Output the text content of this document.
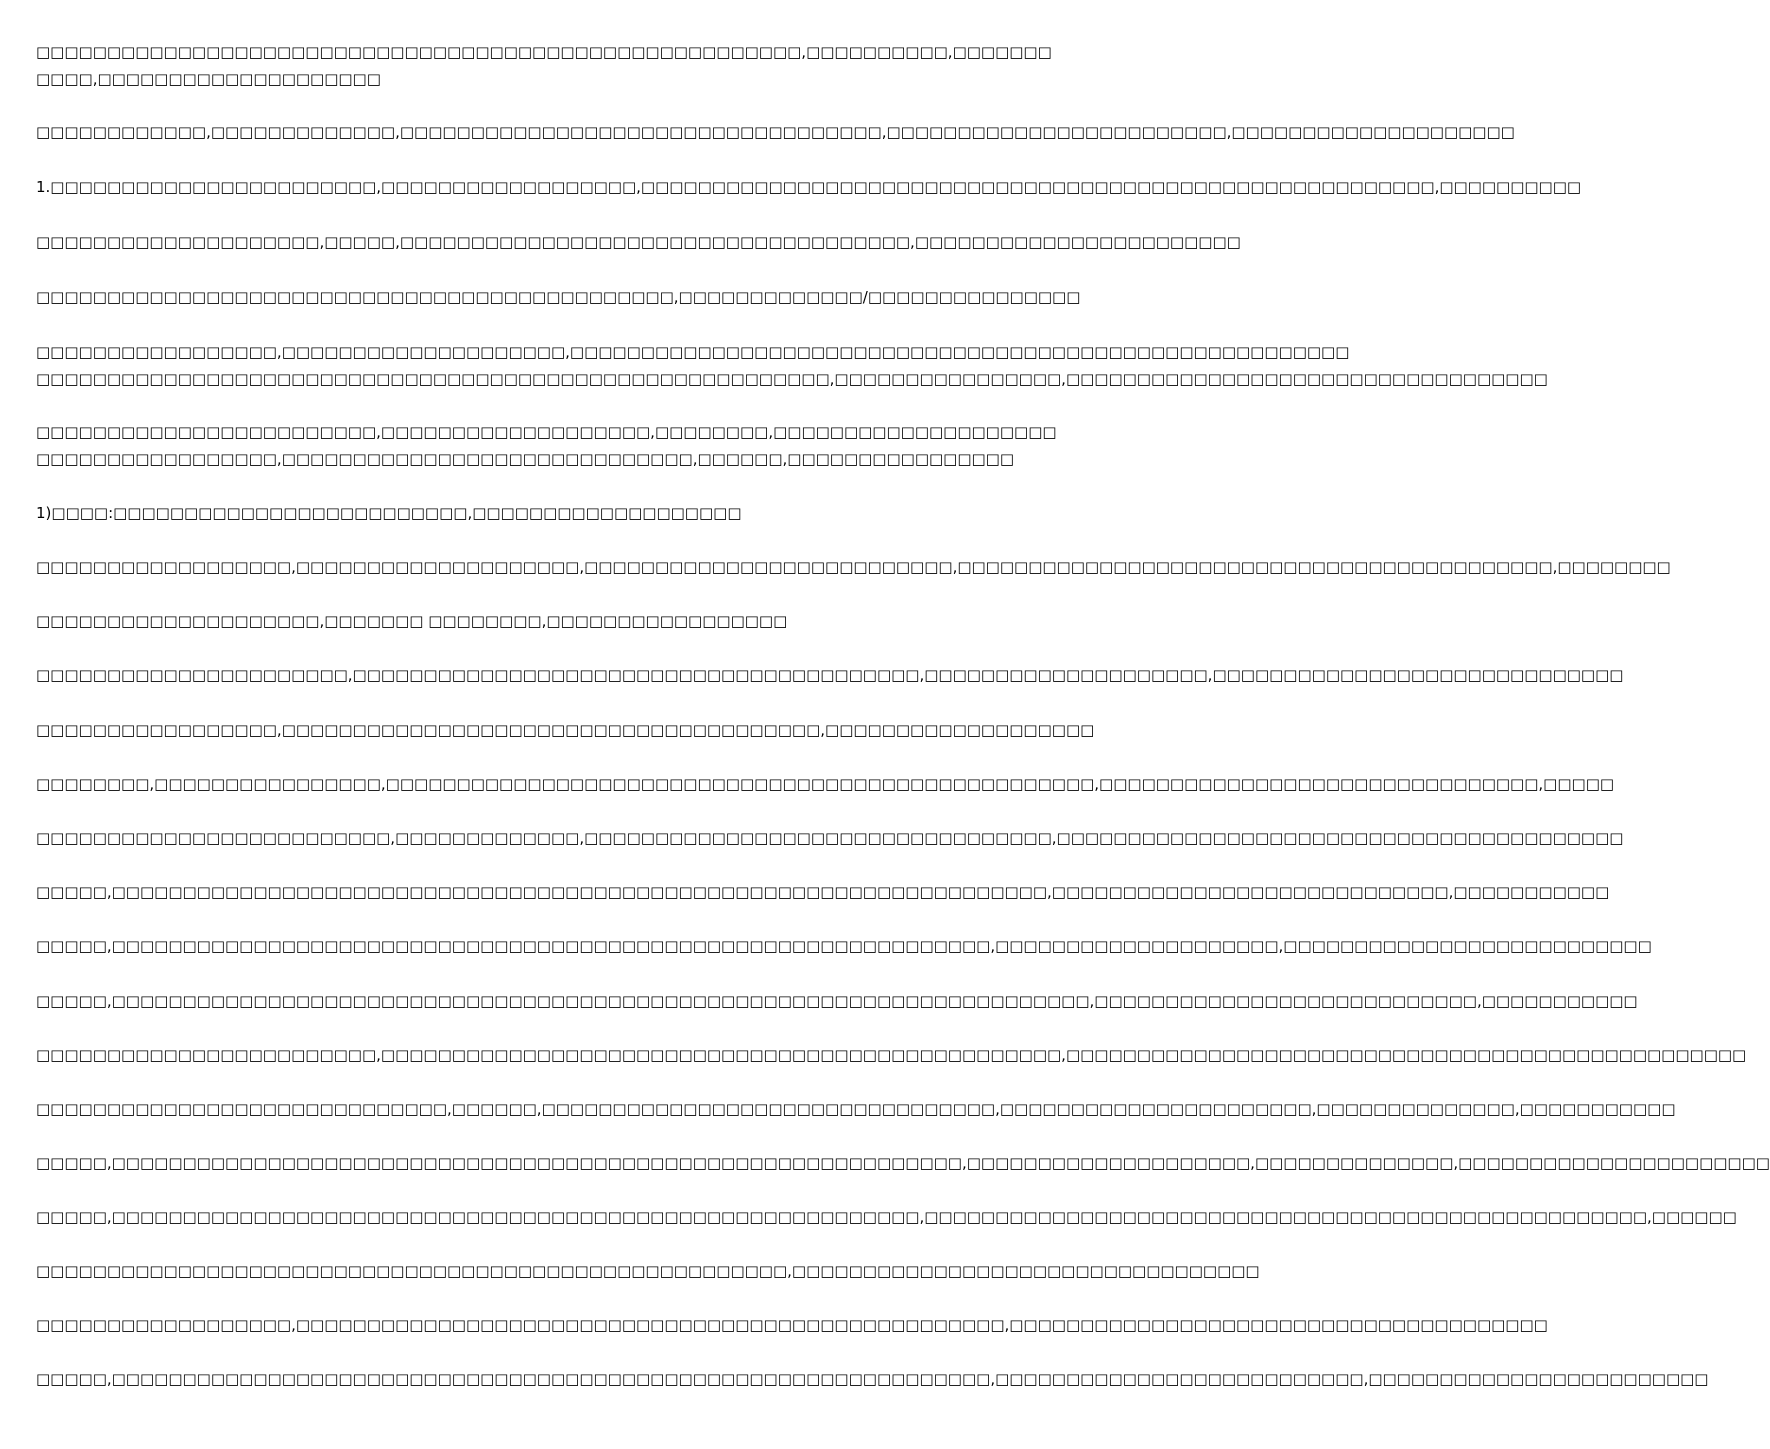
□□□□□□□□□□□□□□□□□□□□□□□□□□□□□□□□□□□□□□□□□□□□□□□□□□□□□□,□□□□□□□□□□,□□□□□□□
□□□□,□□□□□□□□□□□□□□□□□□□□

□□□□□□□□□□□□,□□□□□□□□□□□□□,□□□□□□□□□□□□□□□□□□□□□□□□□□□□□□□□□□,□□□□□□□□□□□□□□□□□□□□□□□□,□□□□□□□□□□□□□□□□□□□□

1.□□□□□□□□□□□□□□□□□□□□□□□,□□□□□□□□□□□□□□□□□□,□□□□□□□□□□□□□□□□□□□□□□□□□□□□□□□□□□□□□□□□□□□□□□□□□□□□□□□□,□□□□□□□□□□

□□□□□□□□□□□□□□□□□□□□,□□□□□,□□□□□□□□□□□□□□□□□□□□□□□□□□□□□□□□□□□□,□□□□□□□□□□□□□□□□□□□□□□□

□□□□□□□□□□□□□□□□□□□□□□□□□□□□□□□□□□□□□□□□□□□□□,□□□□□□□□□□□□□/□□□□□□□□□□□□□□□

□□□□□□□□□□□□□□□□□,□□□□□□□□□□□□□□□□□□□□,□□□□□□□□□□□□□□□□□□□□□□□□□□□□□□□□□□□□□□□□□□□□□□□□□□□□□□□
□□□□□□□□□□□□□□□□□□□□□□□□□□□□□□□□□□□□□□□□□□□□□□□□□□□□□□□□,□□□□□□□□□□□□□□□□,□□□□□□□□□□□□□□□□□□□□□□□□□□□□□□□□□□

□□□□□□□□□□□□□□□□□□□□□□□□,□□□□□□□□□□□□□□□□□□□,□□□□□□□□,□□□□□□□□□□□□□□□□□□□□
□□□□□□□□□□□□□□□□□,□□□□□□□□□□□□□□□□□□□□□□□□□□□□□,□□□□□□,□□□□□□□□□□□□□□□□

1)□□□□:□□□□□□□□□□□□□□□□□□□□□□□□□,□□□□□□□□□□□□□□□□□□□

□□□□□□□□□□□□□□□□□□,□□□□□□□□□□□□□□□□□□□□,□□□□□□□□□□□□□□□□□□□□□□□□□□,□□□□□□□□□□□□□□□□□□□□□□□□□□□□□□□□□□□□□□□□□□,□□□□□□□□

□□□□□□□□□□□□□□□□□□□□,□□□□□□□ □□□□□□□□,□□□□□□□□□□□□□□□□□

□□□□□□□□□□□□□□□□□□□□□□,□□□□□□□□□□□□□□□□□□□□□□□□□□□□□□□□□□□□□□□□,□□□□□□□□□□□□□□□□□□□□,□□□□□□□□□□□□□□□□□□□□□□□□□□□□□

□□□□□□□□□□□□□□□□□,□□□□□□□□□□□□□□□□□□□□□□□□□□□□□□□□□□□□□□,□□□□□□□□□□□□□□□□□□□

□□□□□□□□,□□□□□□□□□□□□□□□□,□□□□□□□□□□□□□□□□□□□□□□□□□□□□□□□□□□□□□□□□□□□□□□□□□□,□□□□□□□□□□□□□□□□□□□□□□□□□□□□□□□,□□□□□

□□□□□□□□□□□□□□□□□□□□□□□□□,□□□□□□□□□□□□□,□□□□□□□□□□□□□□□□□□□□□□□□□□□□□□□□□,□□□□□□□□□□□□□□□□□□□□□□□□□□□□□□□□□□□□□□□□

□□□□□,□□□□□□□□□□□□□□□□□□□□□□□□□□□□□□□□□□□□□□□□□□□□□□□□□□□□□□□□□□□□□□□□□□,□□□□□□□□□□□□□□□□□□□□□□□□□□□□,□□□□□□□□□□□

□□□□□,□□□□□□□□□□□□□□□□□□□□□□□□□□□□□□□□□□□□□□□□□□□□□□□□□□□□□□□□□□□□□□,□□□□□□□□□□□□□□□□□□□□,□□□□□□□□□□□□□□□□□□□□□□□□□□

□□□□□,□□□□□□□□□□□□□□□□□□□□□□□□□□□□□□□□□□□□□□□□□□□□□□□□□□□□□□□□□□□□□□□□□□□□□,□□□□□□□□□□□□□□□□□□□□□□□□□□□,□□□□□□□□□□□

□□□□□□□□□□□□□□□□□□□□□□□□,□□□□□□□□□□□□□□□□□□□□□□□□□□□□□□□□□□□□□□□□□□□□□□□□,□□□□□□□□□□□□□□□□□□□□□□□□□□□□□□□□□□□□□□□□□□□□□□□□

□□□□□□□□□□□□□□□□□□□□□□□□□□□□□,□□□□□□,□□□□□□□□□□□□□□□□□□□□□□□□□□□□□□□□,□□□□□□□□□□□□□□□□□□□□□□,□□□□□□□□□□□□□□,□□□□□□□□□□□

□□□□□,□□□□□□□□□□□□□□□□□□□□□□□□□□□□□□□□□□□□□□□□□□□□□□□□□□□□□□□□□□□□,□□□□□□□□□□□□□□□□□□□□,□□□□□□□□□□□□□□,□□□□□□□□□□□□□□□□□□□□□□

□□□□□,□□□□□□□□□□□□□□□□□□□□□□□□□□□□□□□□□□□□□□□□□□□□□□□□□□□□□□□□□,□□□□□□□□□□□□□□□□□□□□□□□□□□□□□□□□□□□□□□□□□□□□□□□□□□□,□□□□□□

□□□□□□□□□□□□□□□□□□□□□□□□□□□□□□□□□□□□□□□□□□□□□□□□□□□□□,□□□□□□□□□□□□□□□□□□□□□□□□□□□□□□□□□

□□□□□□□□□□□□□□□□□□,□□□□□□□□□□□□□□□□□□□□□□□□□□□□□□□□□□□□□□□□□□□□□□□□□□,□□□□□□□□□□□□□□□□□□□□□□□□□□□□□□□□□□□□□□

□□□□□,□□□□□□□□□□□□□□□□□□□□□□□□□□□□□□□□□□□□□□□□□□□□□□□□□□□□□□□□□□□□□□,□□□□□□□□□□□□□□□□□□□□□□□□□□,□□□□□□□□□□□□□□□□□□□□□□□□
